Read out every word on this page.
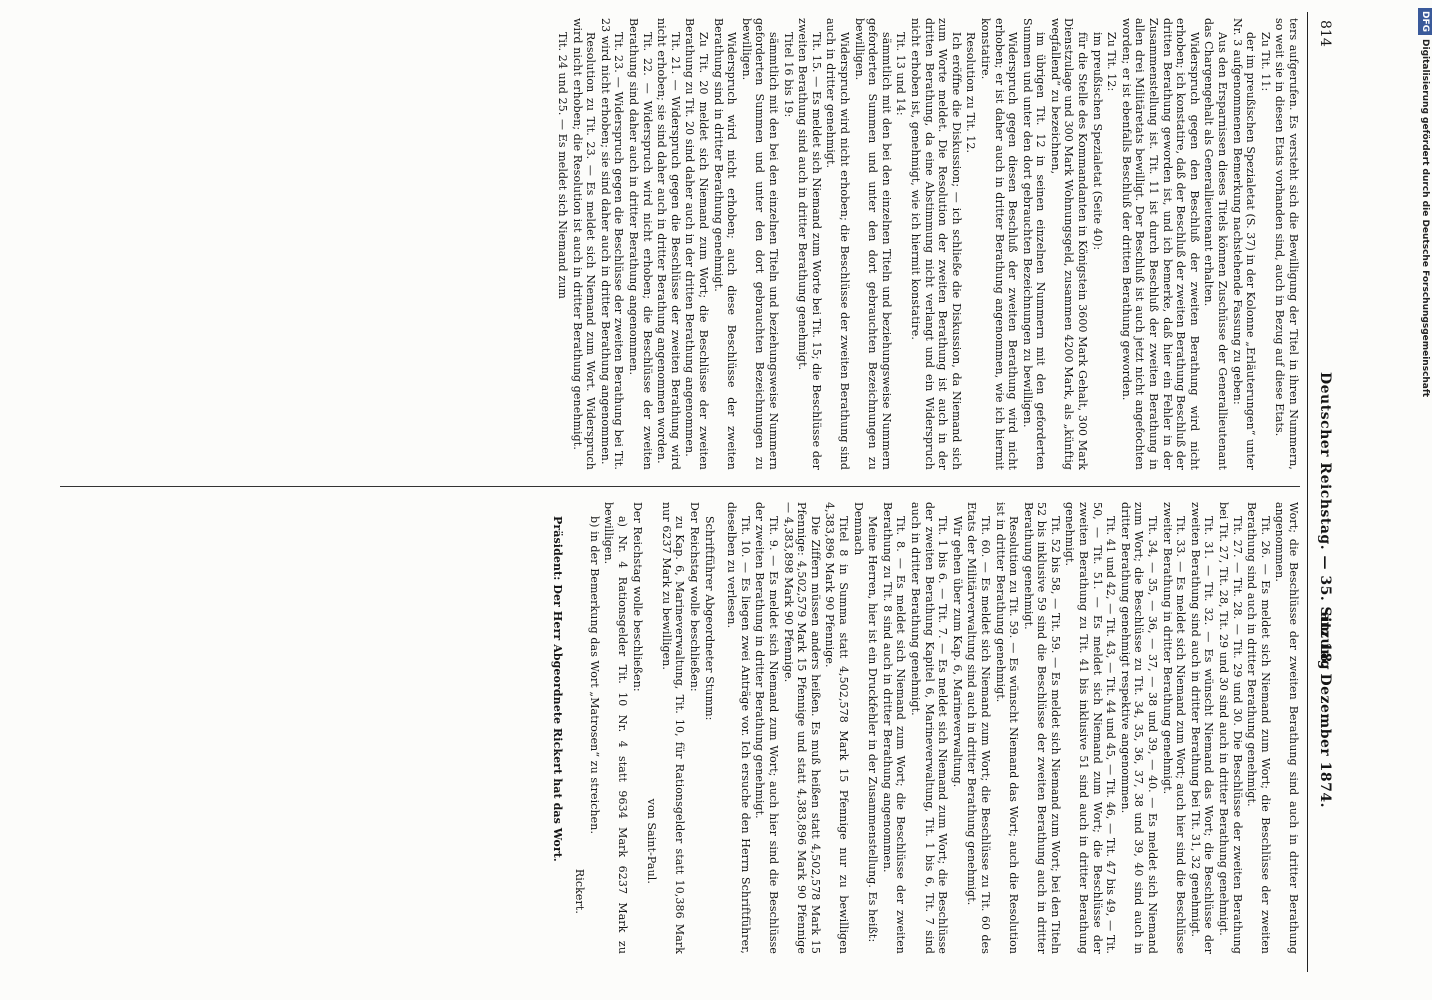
814
Deutscher Reichstag. — 35. Sitzung
am 18. Dezember 1874.

ters aufgerufen. Es versteht sich die Bewilligung der Titel in ihren Nummern, so weit sie in diesen Etats vorhanden sind, auch in Bezug auf diese Etats.

Zu Tit. 11:

der im preußischen Spezialetat (S. 37) in der Kolonne „Erläuterungen“ unter Nr. 3 aufgenommenen Bemerkung nachstehende Fassung zu geben:

Aus den Ersparnissen dieses Titels können Zuschüsse der Generallieutenant das Chargengehalt als Generallieutenant erhalten.

Widerspruch gegen den Beschluß der zweiten Berathung wird nicht erhoben; ich konstatire, daß der Beschluß der zweiten Berathung Beschluß der dritten Berathung geworden ist, und ich bemerke, daß hier ein Fehler in der Zusammenstellung ist. Tit. 11 ist durch Beschluß der zweiten Berathung in allen drei Militäretats bewilligt. Der Beschluß ist auch jetzt nicht angefochten worden; er ist ebenfalls Beschluß der dritten Berathung geworden.

Zu Tit. 12:

im preußischen Spezialetat (Seite 40):

für die Stelle des Kommandanten in Königstein 3600 Mark Gehalt, 300 Mark Dienstzulage und 300 Mark Wohnungsgeld, zusammen 4200 Mark, als „künftig wegfallend“ zu bezeichnen,

im übrigen Tit. 12 in seinen einzelnen Nummern mit den geforderten Summen und unter den dort gebrauchten Bezeichnungen zu bewilligen.

Widerspruch gegen diesen Beschluß der zweiten Berathung wird nicht erhoben; er ist daher auch in dritter Berathung angenommen, wie ich hiermit konstatire.

Resolution zu Tit. 12.

Ich eröffne die Diskussion; — ich schließe die Diskussion, da Niemand sich zum Worte meldet. Die Resolution der zweiten Berathung ist auch in der dritten Berathung, da eine Abstimmung nicht verlangt und ein Widerspruch nicht erhoben ist, genehmigt, wie ich hiermit konstatire.

Tit. 13 und 14:

sämmtlich mit den bei den einzelnen Titeln und beziehungsweise Nummern geforderten Summen und unter den dort gebrauchten Bezeichnungen zu bewilligen.

Widerspruch wird nicht erhoben; die Beschlüsse der zweiten Berathung sind auch in dritter genehmigt.

Tit. 15. — Es meldet sich Niemand zum Worte bei Tit. 15; die Beschlüsse der zweiten Berathung sind auch in dritter Berathung genehmigt.

Titel 16 bis 19:

sämmtlich mit den bei den einzelnen Titeln und beziehungsweise Nummern geforderten Summen und unter den dort gebrauchten Bezeichnungen zu bewilligen.

Widerspruch wird nicht erhoben; auch diese Beschlüsse der zweiten Berathung sind in dritter Berathung genehmigt.

Zu Tit. 20 meldet sich Niemand zum Wort; die Beschlüsse der zweiten Berathung zu Tit. 20 sind daher auch in der dritten Berathung angenommen.

Tit. 21. — Widerspruch gegen die Beschlüsse der zweiten Berathung wird nicht erhoben; sie sind daher auch in dritter Berathung angenommen worden.

Tit. 22. — Widerspruch wird nicht erhoben; die Beschlüsse der zweiten Berathung sind daher auch in dritter Berathung angenommen.

Tit. 23. — Widerspruch gegen die Beschlüsse der zweiten Berathung bei Tit. 23 wird nicht erhoben; sie sind daher auch in dritter Berathung angenommen.

Resolution zu Tit. 23. — Es meldet sich Niemand zum Wort. Widerspruch wird nicht erhoben; die Resolution ist auch in dritter Berathung genehmigt.

Tit. 24 und 25. — Es meldet sich Niemand zum

Wort; die Beschlüsse der zweiten Berathung sind auch in dritter Berathung angenommen.

Tit. 26. — Es meldet sich Niemand zum Wort; die Beschlüsse der zweiten Berathung sind auch in dritter Berathung genehmigt.

Tit. 27. — Tit. 28. — Tit. 29 und 30. Die Beschlüsse der zweiten Berathung bei Tit. 27, Tit. 28, Tit. 29 und 30 sind auch in dritter Berathung genehmigt.

Tit. 31. — Tit. 32. — Es wünscht Niemand das Wort; die Beschlüsse der zweiten Berathung sind auch in dritter Berathung bei Tit. 31, 32 genehmigt.

Tit. 33. — Es meldet sich Niemand zum Wort; auch hier sind die Beschlüsse zweiter Berathung in dritter Berathung genehmigt.

Tit. 34, — 35, — 36, — 37, — 38 und 39, — 40. — Es meldet sich Niemand zum Wort; die Beschlüsse zu Tit. 34, 35, 36, 37, 38 und 39, 40 sind auch in dritter Berathung genehmigt respektive angenommen.

Tit. 41 und 42, — Tit. 43, — Tit. 44 und 45, — Tit. 46, — Tit. 47 bis 49, — Tit. 50, — Tit. 51. — Es meldet sich Niemand zum Wort; die Beschlüsse der zweiten Berathung zu Tit. 41 bis inklusive 51 sind auch in dritter Berathung genehmigt.

Tit. 52 bis 58, — Tit. 59. — Es meldet sich Niemand zum Wort; bei den Titeln 52 bis inklusive 59 sind die Beschlüsse der zweiten Berathung auch in dritter Berathung genehmigt.

Resolution zu Tit. 59. — Es wünscht Niemand das Wort; auch die Resolution ist in dritter Berathung genehmigt.

Tit. 60. — Es meldet sich Niemand zum Wort; die Beschlüsse zu Tit. 60 des Etats der Militärverwaltung sind auch in dritter Berathung genehmigt.

Wir gehen über zum Kap. 6, Marineverwaltung.

Tit. 1 bis 6. — Tit. 7. — Es meldet sich Niemand zum Wort; die Beschlüsse der zweiten Berathung Kapitel 6, Marineverwaltung, Tit. 1 bis 6, Tit. 7 sind auch in dritter Berathung genehmigt.

Tit. 8. — Es meldet sich Niemand zum Wort; die Beschlüsse der zweiten Berathung zu Tit. 8 sind auch in dritter Berathung angenommen.

Meine Herren, hier ist ein Druckfehler in der Zusammenstellung. Es heißt:

Demnach

Titel 8 in Summa statt 4,502,578 Mark 15 Pfennige nur zu bewilligen 4,383,896 Mark 90 Pfennige.

Die Ziffern müssen anders heißen. Es muß heißen statt 4,502,578 Mark 15 Pfennige: 4,502,579 Mark 15 Pfennige und statt 4,383,896 Mark 90 Pfennige — 4,383,898 Mark 90 Pfennige.

Tit. 9. — Es meldet sich Niemand zum Wort; auch hier sind die Beschlüsse der zweiten Berathung in dritter Berathung genehmigt.

Tit. 10. — Es liegen zwei Anträge vor. Ich ersuche den Herrn Schriftführer, dieselben zu verlesen.

Schriftführer Abgeordneter Stumm:

Der Reichstag wolle beschließen:

zu Kap. 6, Marineverwaltung, Tit. 10, für Rationsgelder statt 10,386 Mark nur 6237 Mark zu bewilligen.

von Saint-Paul.

Der Reichstag wolle beschließen:

a) Nr. 4 Rationsgelder Tit. 10 Nr. 4 statt 9634 Mark 6237 Mark zu bewilligen.

b) in der Bemerkung das Wort „Matrosen“ zu streichen.

Rickert.

Präsident: Der Herr Abgeordnete Rickert hat das Wort.

DFGDigitalisierung gefördert durch die Deutsche Forschungsgemeinschaft
